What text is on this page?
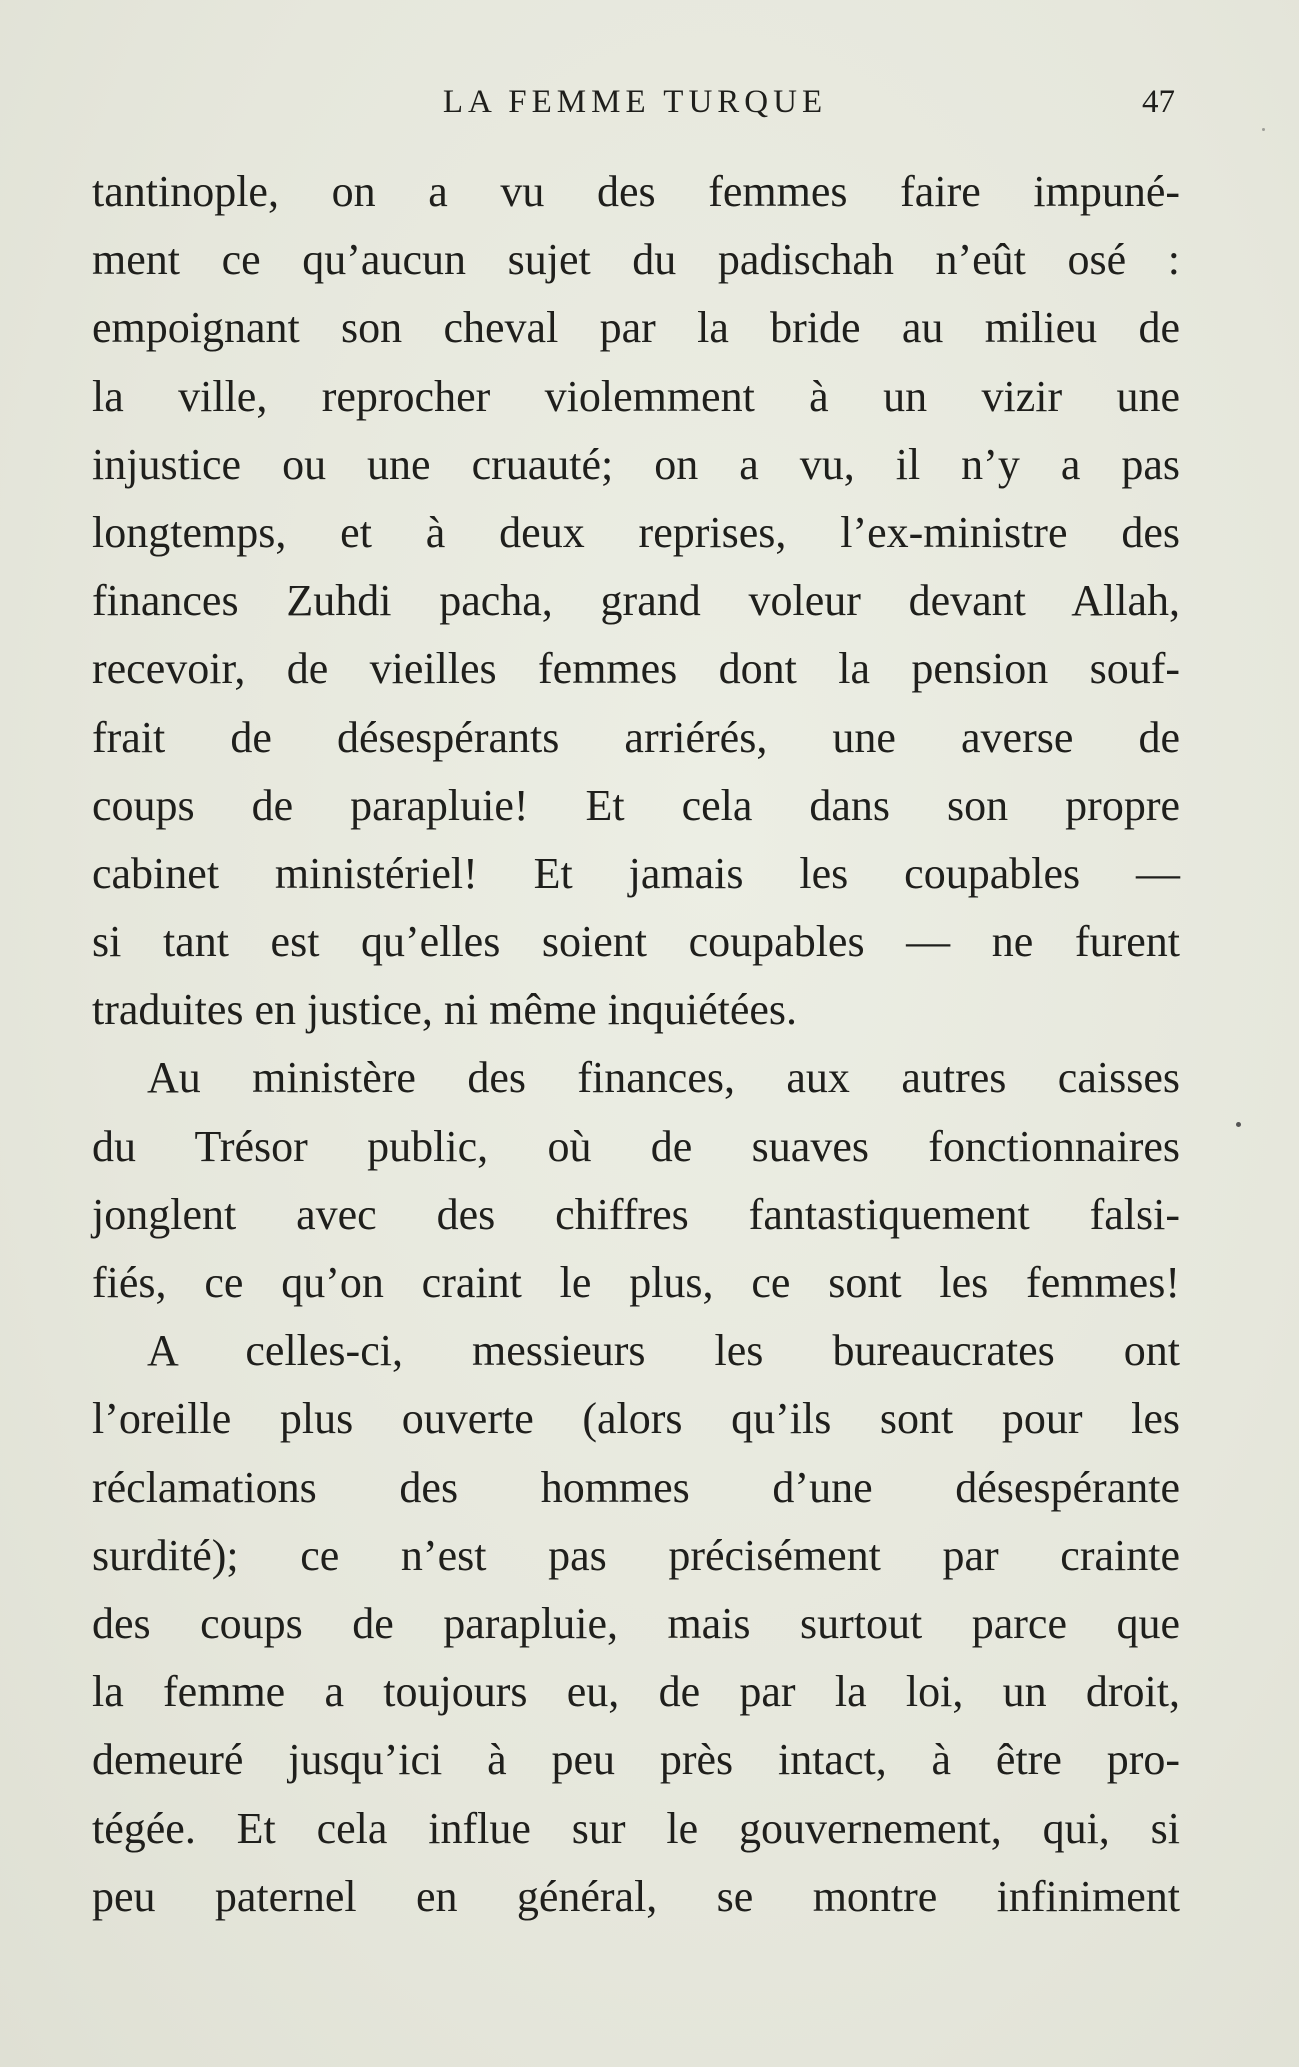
LA FEMME TURQUE	47
tantinople, on a vu des femmes faire impuné-
ment ce qu’aucun sujet du padischah n’eût osé :
empoignant son cheval par la bride au milieu de
la ville, reprocher violemment à un vizir une
injustice ou une cruauté; on a vu, il n’y a pas
longtemps, et à deux reprises, l’ex-ministre des
finances Zuhdi pacha, grand voleur devant Allah,
recevoir, de vieilles femmes dont la pension souf-
frait de désespérants arriérés, une averse de
coups de parapluie! Et cela dans son propre
cabinet ministériel! Et jamais les coupables —
si tant est qu’elles soient coupables — ne furent
traduites en justice, ni même inquiétées.
Au ministère des finances, aux autres caisses
du Trésor public, où de suaves fonctionnaires
jonglent avec des chiffres fantastiquement falsi-
fiés, ce qu’on craint le plus, ce sont les femmes!
A celles-ci, messieurs les bureaucrates ont
l’oreille plus ouverte (alors qu’ils sont pour les
réclamations des hommes d’une désespérante
surdité); ce n’est pas précisément par crainte
des coups de parapluie, mais surtout parce que
la femme a toujours eu, de par la loi, un droit,
demeuré jusqu’ici à peu près intact, à être pro-
tégée. Et cela influe sur le gouvernement, qui, si
peu paternel en général, se montre infiniment
